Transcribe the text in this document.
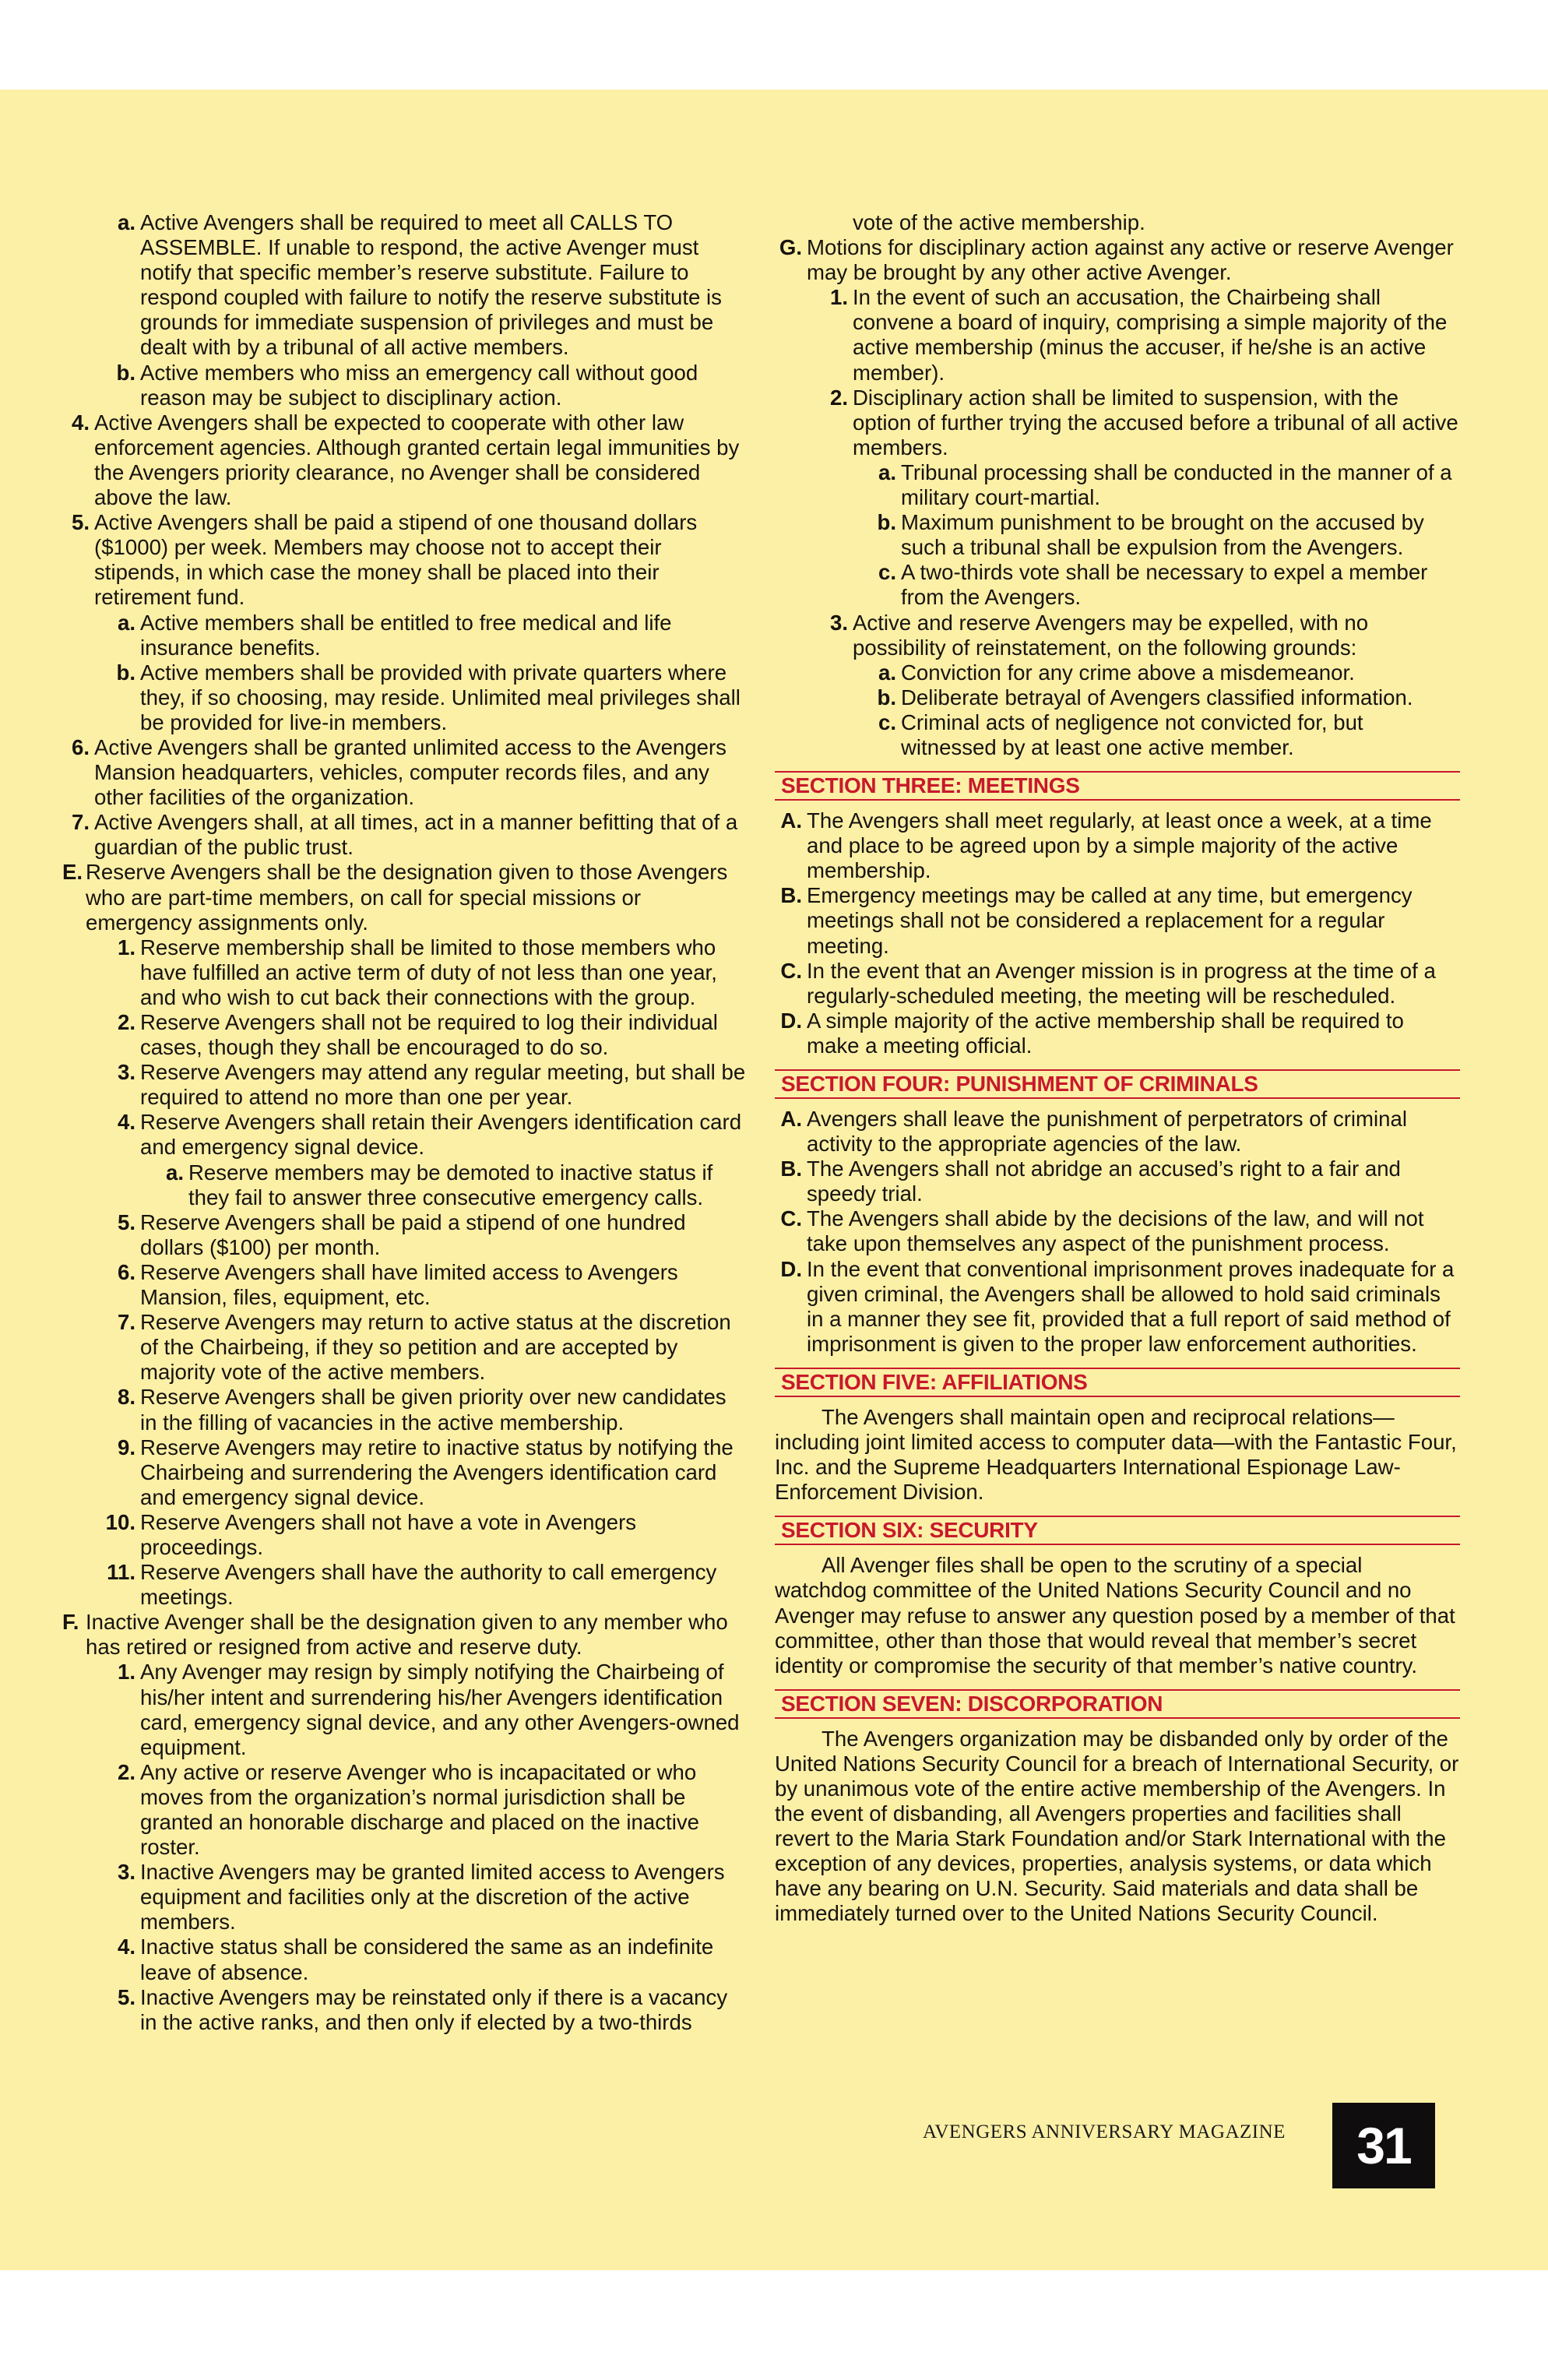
a. Active Avengers shall be required to meet all CALLS TO ASSEMBLE. If unable to respond, the active Avenger must notify that specific member’s reserve substitute. Failure to respond coupled with failure to notify the reserve substitute is grounds for immediate suspension of privileges and must be dealt with by a tribunal of all active members.

b. Active members who miss an emergency call without good reason may be subject to disciplinary action.

4. Active Avengers shall be expected to cooperate with other law enforcement agencies. Although granted certain legal immunities by the Avengers priority clearance, no Avenger shall be considered above the law.

5. Active Avengers shall be paid a stipend of one thousand dollars ($1000) per week. Members may choose not to accept their stipends, in which case the money shall be placed into their retirement fund.

a. Active members shall be entitled to free medical and life insurance benefits.

b. Active members shall be provided with private quarters where they, if so choosing, may reside. Unlimited meal privileges shall be provided for live-in members.

6. Active Avengers shall be granted unlimited access to the Avengers Mansion headquarters, vehicles, computer records files, and any other facilities of the organization.

7. Active Avengers shall, at all times, act in a manner befitting that of a guardian of the public trust.

E. Reserve Avengers shall be the designation given to those Avengers who are part-time members, on call for special missions or emergency assignments only.

1. Reserve membership shall be limited to those members who have fulfilled an active term of duty of not less than one year, and who wish to cut back their connections with the group.

2. Reserve Avengers shall not be required to log their individual cases, though they shall be encouraged to do so.

3. Reserve Avengers may attend any regular meeting, but shall be required to attend no more than one per year.

4. Reserve Avengers shall retain their Avengers identification card and emergency signal device.

a. Reserve members may be demoted to inactive status if they fail to answer three consecutive emergency calls.

5. Reserve Avengers shall be paid a stipend of one hundred dollars ($100) per month.

6. Reserve Avengers shall have limited access to Avengers Mansion, files, equipment, etc.

7. Reserve Avengers may return to active status at the discretion of the Chairbeing, if they so petition and are accepted by majority vote of the active members.

8. Reserve Avengers shall be given priority over new candidates in the filling of vacancies in the active membership.

9. Reserve Avengers may retire to inactive status by notifying the Chairbeing and surrendering the Avengers identification card and emergency signal device.

10. Reserve Avengers shall not have a vote in Avengers proceedings.

11. Reserve Avengers shall have the authority to call emergency meetings.

F. Inactive Avenger shall be the designation given to any member who has retired or resigned from active and reserve duty.

1. Any Avenger may resign by simply notifying the Chairbeing of his/her intent and surrendering his/her Avengers identification card, emergency signal device, and any other Avengers-owned equipment.

2. Any active or reserve Avenger who is incapacitated or who moves from the organization’s normal jurisdiction shall be granted an honorable discharge and placed on the inactive roster.

3. Inactive Avengers may be granted limited access to Avengers equipment and facilities only at the discretion of the active members.

4. Inactive status shall be considered the same as an indefinite leave of absence.

5. Inactive Avengers may be reinstated only if there is a vacancy in the active ranks, and then only if elected by a two-thirds

vote of the active membership.

G. Motions for disciplinary action against any active or reserve Avenger may be brought by any other active Avenger.

1. In the event of such an accusation, the Chairbeing shall convene a board of inquiry, comprising a simple majority of the active membership (minus the accuser, if he/she is an active member).

2. Disciplinary action shall be limited to suspension, with the option of further trying the accused before a tribunal of all active members.

a. Tribunal processing shall be conducted in the manner of a military court-martial.

b. Maximum punishment to be brought on the accused by such a tribunal shall be expulsion from the Avengers.

c. A two-thirds vote shall be necessary to expel a member from the Avengers.

3. Active and reserve Avengers may be expelled, with no possibility of reinstatement, on the following grounds:

a. Conviction for any crime above a misdemeanor.

b. Deliberate betrayal of Avengers classified information.

c. Criminal acts of negligence not convicted for, but witnessed by at least one active member.

SECTION THREE: MEETINGS

A. The Avengers shall meet regularly, at least once a week, at a time and place to be agreed upon by a simple majority of the active membership.

B. Emergency meetings may be called at any time, but emergency meetings shall not be considered a replacement for a regular meeting.

C. In the event that an Avenger mission is in progress at the time of a regularly-scheduled meeting, the meeting will be rescheduled.

D. A simple majority of the active membership shall be required to make a meeting official.

SECTION FOUR: PUNISHMENT OF CRIMINALS

A. Avengers shall leave the punishment of perpetrators of criminal activity to the appropriate agencies of the law.

B. The Avengers shall not abridge an accused’s right to a fair and speedy trial.

C. The Avengers shall abide by the decisions of the law, and will not take upon themselves any aspect of the punishment process.

D. In the event that conventional imprisonment proves inadequate for a given criminal, the Avengers shall be allowed to hold said criminals in a manner they see fit, provided that a full report of said method of imprisonment is given to the proper law enforcement authorities.

SECTION FIVE: AFFILIATIONS

The Avengers shall maintain open and reciprocal relations—including joint limited access to computer data—with the Fantastic Four, Inc. and the Supreme Headquarters International Espionage Law-Enforcement Division.

SECTION SIX: SECURITY

All Avenger files shall be open to the scrutiny of a special watchdog committee of the United Nations Security Council and no Avenger may refuse to answer any question posed by a member of that committee, other than those that would reveal that member’s secret identity or compromise the security of that member’s native country.

SECTION SEVEN: DISCORPORATION

The Avengers organization may be disbanded only by order of the United Nations Security Council for a breach of International Security, or by unanimous vote of the entire active membership of the Avengers. In the event of disbanding, all Avengers properties and facilities shall revert to the Maria Stark Foundation and/or Stark International with the exception of any devices, properties, analysis systems, or data which have any bearing on U.N. Security. Said materials and data shall be immediately turned over to the United Nations Security Council.

AVENGERS ANNIVERSARY MAGAZINE	31
